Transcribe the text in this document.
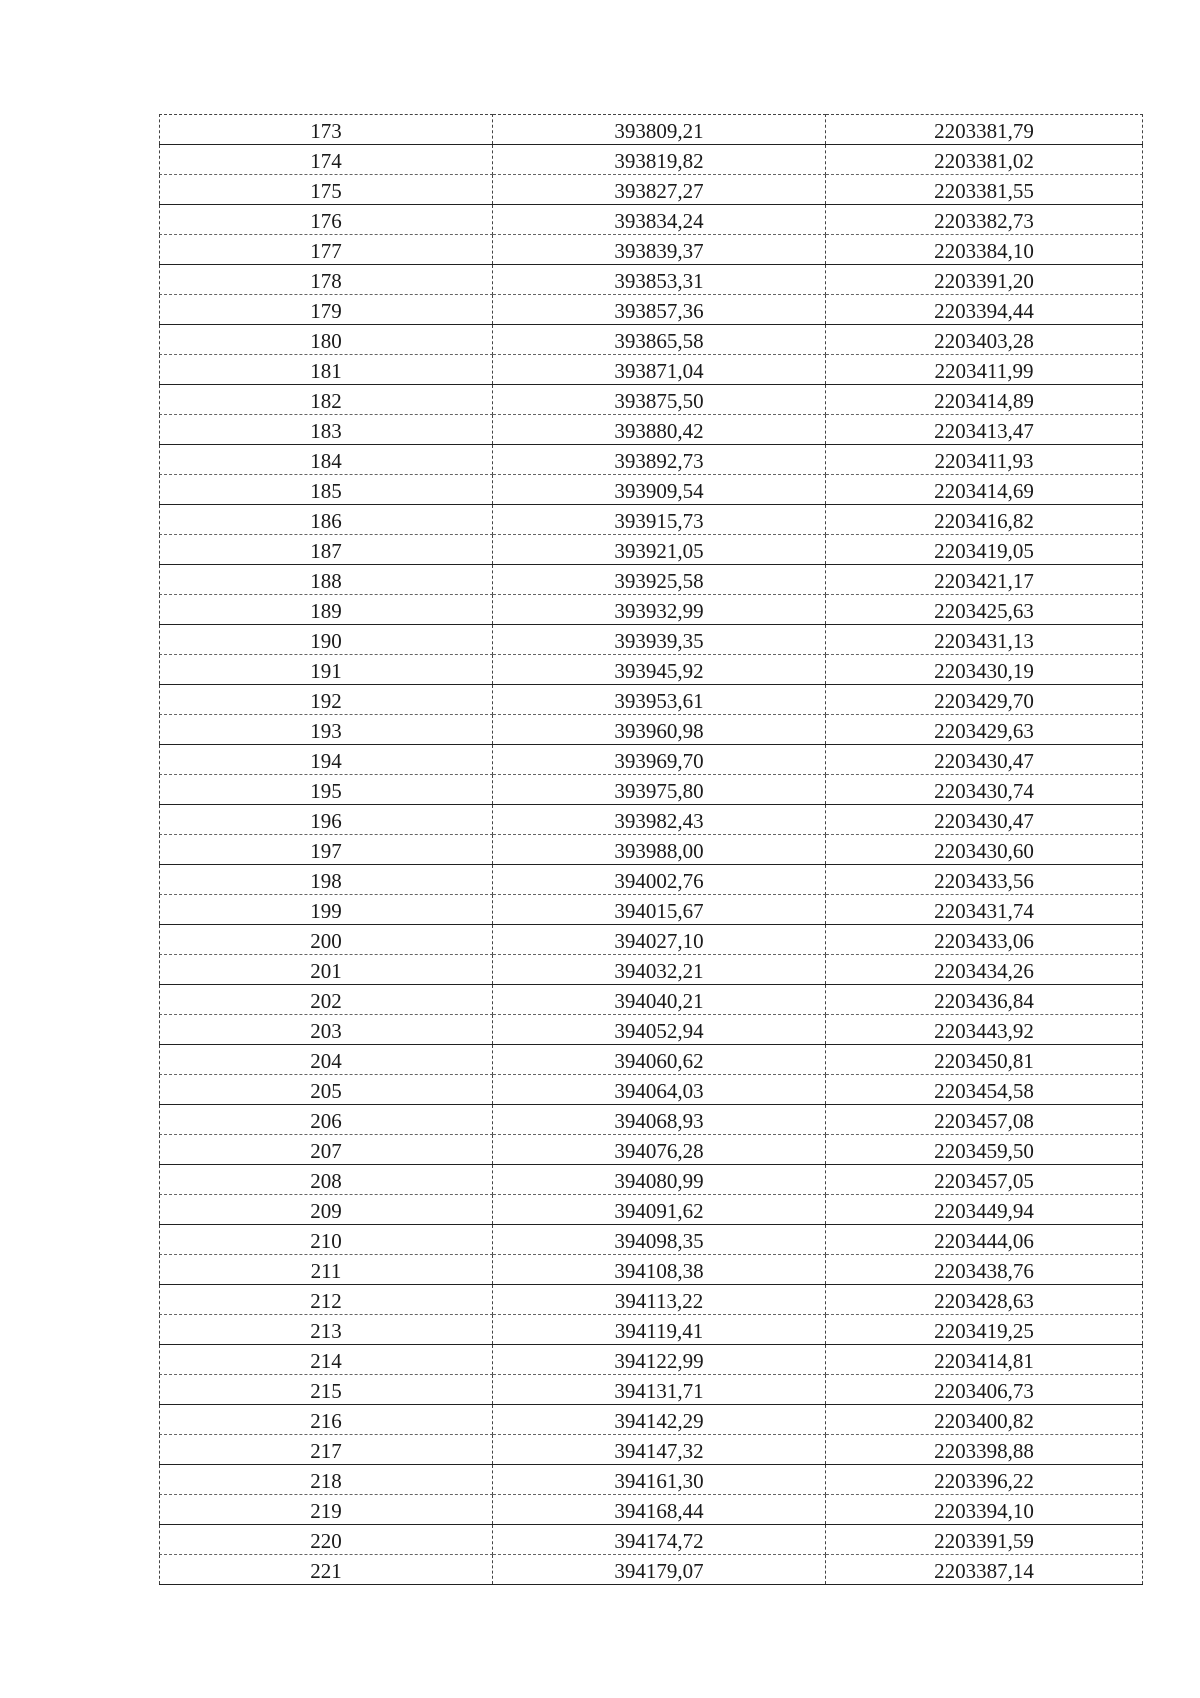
173	393809,21	2203381,79
174	393819,82	2203381,02
175	393827,27	2203381,55
176	393834,24	2203382,73
177	393839,37	2203384,10
178	393853,31	2203391,20
179	393857,36	2203394,44
180	393865,58	2203403,28
181	393871,04	2203411,99
182	393875,50	2203414,89
183	393880,42	2203413,47
184	393892,73	2203411,93
185	393909,54	2203414,69
186	393915,73	2203416,82
187	393921,05	2203419,05
188	393925,58	2203421,17
189	393932,99	2203425,63
190	393939,35	2203431,13
191	393945,92	2203430,19
192	393953,61	2203429,70
193	393960,98	2203429,63
194	393969,70	2203430,47
195	393975,80	2203430,74
196	393982,43	2203430,47
197	393988,00	2203430,60
198	394002,76	2203433,56
199	394015,67	2203431,74
200	394027,10	2203433,06
201	394032,21	2203434,26
202	394040,21	2203436,84
203	394052,94	2203443,92
204	394060,62	2203450,81
205	394064,03	2203454,58
206	394068,93	2203457,08
207	394076,28	2203459,50
208	394080,99	2203457,05
209	394091,62	2203449,94
210	394098,35	2203444,06
211	394108,38	2203438,76
212	394113,22	2203428,63
213	394119,41	2203419,25
214	394122,99	2203414,81
215	394131,71	2203406,73
216	394142,29	2203400,82
217	394147,32	2203398,88
218	394161,30	2203396,22
219	394168,44	2203394,10
220	394174,72	2203391,59
221	394179,07	2203387,14
